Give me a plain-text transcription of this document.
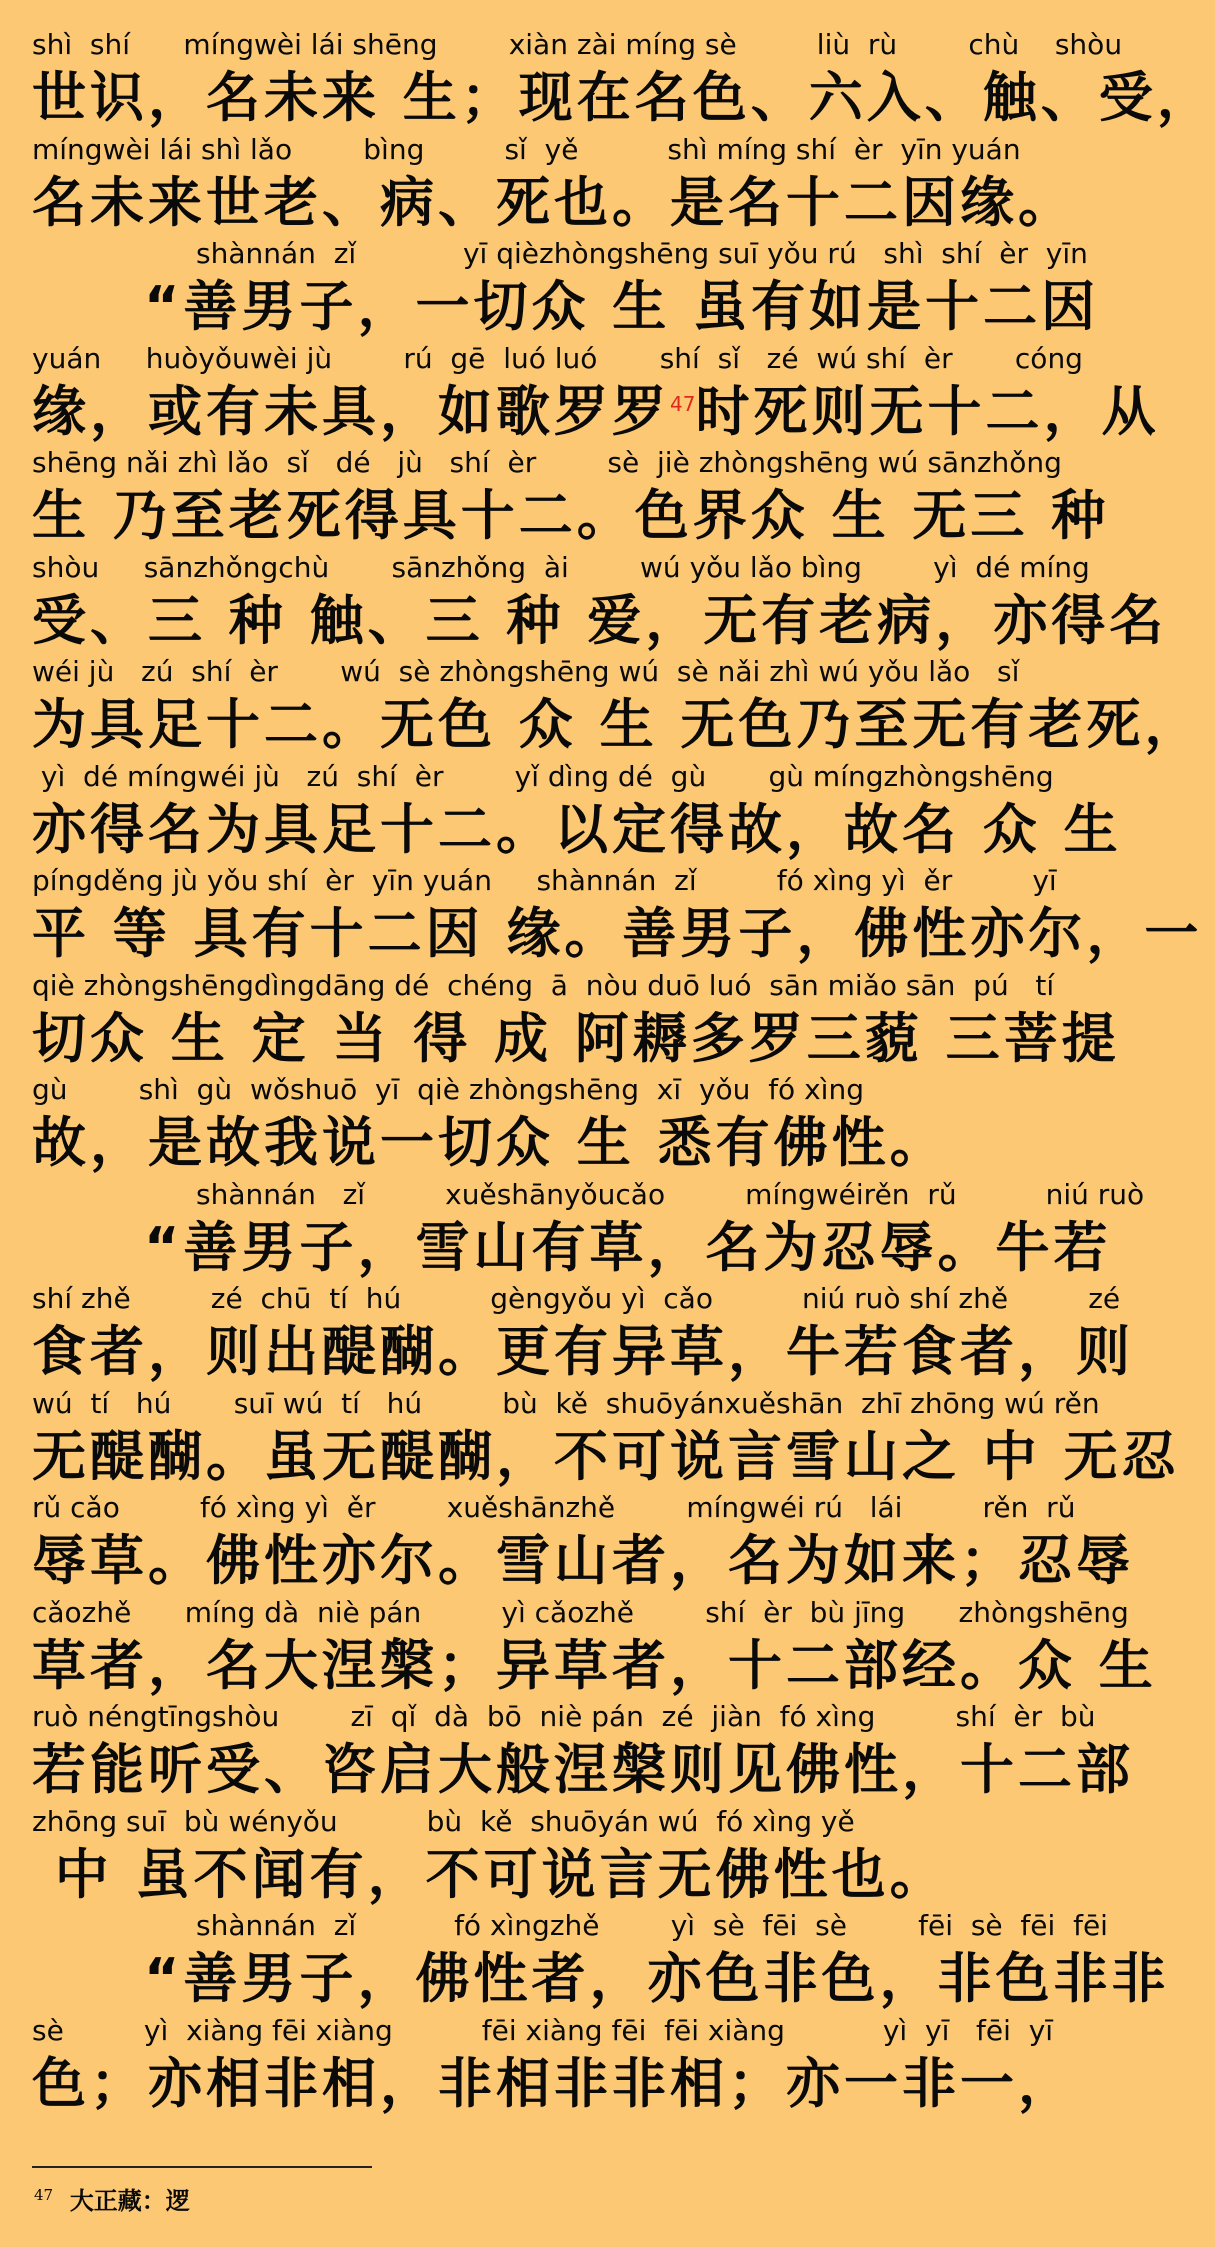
shì  shí      míngwèi lái shēng        xiàn zài míng sè         liù  rù        chù    shòu
世识，名未来 生；现在名色、六入、触、受，
míngwèi lái shì lǎo        bìng         sǐ  yě          shì míng shí  èr  yīn yuán
名未来世老、病、死也。是名十二因缘。
shànnán  zǐ            yī qièzhòngshēng suī yǒu rú   shì  shí  èr  yīn
“善男子，一切众 生 虽有如是十二因
yuán     huòyǒuwèi jù        rú  gē  luó luó       shí  sǐ   zé  wú shí  èr       cóng
缘，或有未具，如歌罗罗$^{47}$时死则无十二，从
shēng nǎi zhì lǎo  sǐ   dé   jù   shí  èr        sè  jiè zhòngshēng wú sānzhǒng
生 乃至老死得具十二。色界众 生 无三 种
shòu     sānzhǒngchù       sānzhǒng  ài        wú yǒu lǎo bìng        yì  dé míng
受、三 种 触、三 种 爱，无有老病，亦得名
wéi jù   zú  shí  èr       wú  sè zhòngshēng wú  sè nǎi zhì wú yǒu lǎo   sǐ
为具足十二。无色 众 生 无色乃至无有老死，
yì  dé míngwéi jù   zú  shí  èr        yǐ dìng dé  gù       gù míngzhòngshēng
亦得名为具足十二。以定得故，故名 众 生
píngděng jù yǒu shí  èr  yīn yuán     shànnán  zǐ         fó xìng yì  ěr         yī
平 等 具有十二因 缘。善男子，佛性亦尔，一
qiè zhòngshēngdìngdāng dé  chéng  ā  nòu duō luó  sān miǎo sān  pú   tí
切众 生 定 当 得 成 阿耨多罗三藐 三菩提
gù        shì  gù  wǒshuō  yī  qiè zhòngshēng  xī  yǒu  fó xìng
故，是故我说一切众 生 悉有佛性。
shànnán   zǐ         xuěshānyǒucǎo         míngwéirěn  rǔ          niú ruò
“善男子，雪山有草，名为忍辱。牛若
shí zhě         zé  chū  tí  hú          gèngyǒu yì  cǎo          niú ruò shí zhě         zé
食者，则出醍醐。更有异草，牛若食者，则
wú  tí   hú       suī wú  tí   hú         bù  kě  shuōyánxuěshān  zhī zhōng wú rěn
无醍醐。虽无醍醐，不可说言雪山之 中 无忍
rǔ cǎo         fó xìng yì  ěr        xuěshānzhě        míngwéi rú   lái         rěn  rǔ
辱草。佛性亦尔。雪山者，名为如来；忍辱
cǎozhě      míng dà  niè pán         yì cǎozhě        shí  èr  bù jīng      zhòngshēng
草者，名大涅槃；异草者，十二部经。众 生
ruò néngtīngshòu        zī  qǐ  dà  bō  niè pán  zé  jiàn  fó xìng         shí  èr  bù
若能听受、咨启大般涅槃则见佛性，十二部
zhōng suī  bù wényǒu          bù  kě  shuōyán wú  fó xìng yě
中 虽不闻有，不可说言无佛性也。
shànnán  zǐ           fó xìngzhě        yì  sè  fēi  sè        fēi  sè  fēi  fēi
“善男子，佛性者，亦色非色，非色非非
sè         yì  xiàng fēi xiàng          fēi xiàng fēi  fēi xiàng           yì  yī   fēi  yī
色；亦相非相，非相非非相；亦一非一，
$^{47}$ 大正藏：逻
